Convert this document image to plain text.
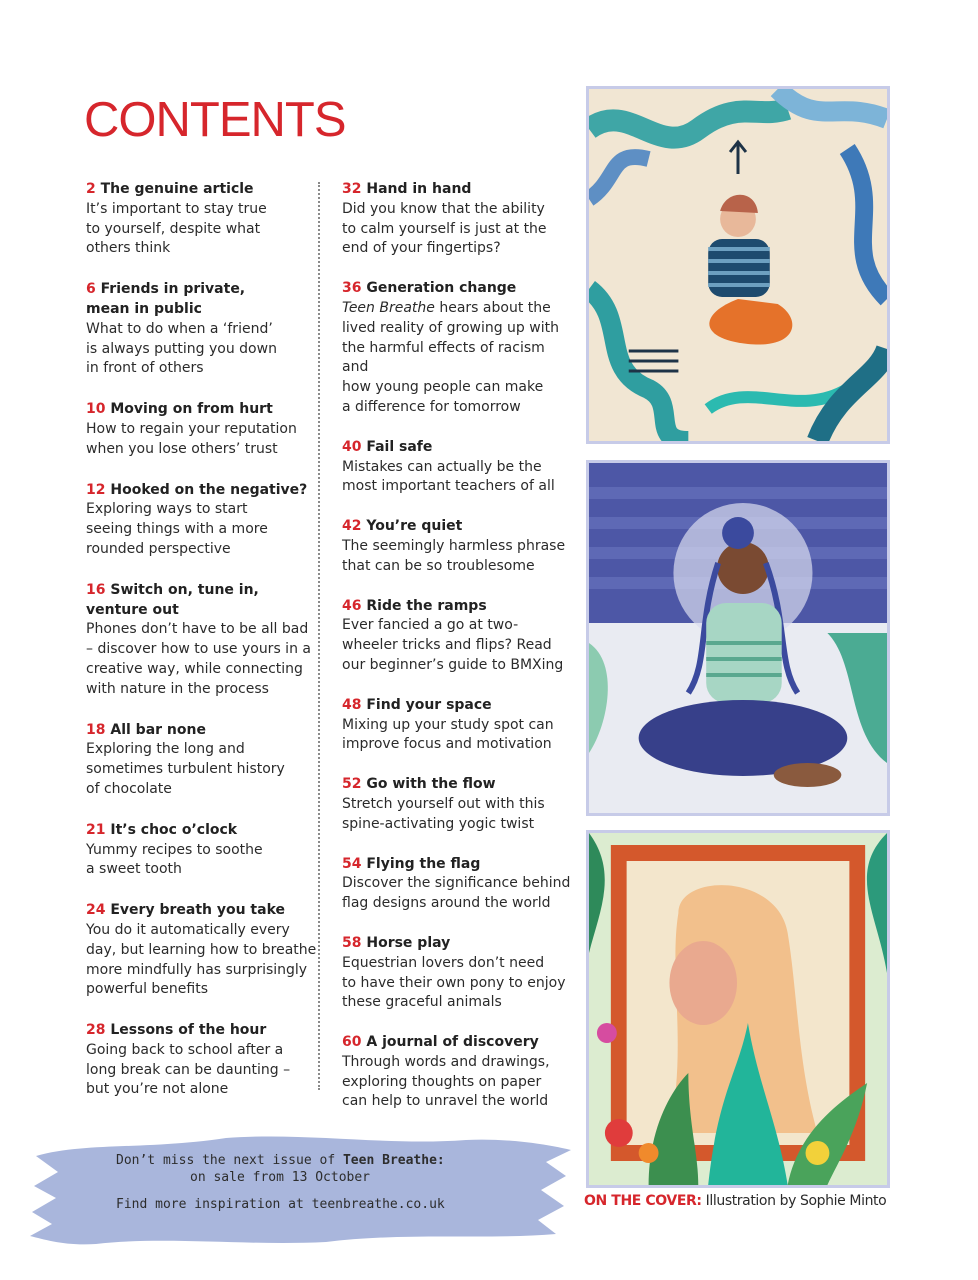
CONTENTS
2 The genuine article
It’s important to stay true
to yourself, despite what
others think
6 Friends in private,
mean in public
What to do when a ‘friend’
is always putting you down
in front of others
10 Moving on from hurt
How to regain your reputation
when you lose others’ trust
12 Hooked on the negative?
Exploring ways to start
seeing things with a more
rounded perspective
16 Switch on, tune in,
venture out
Phones don’t have to be all bad
– discover how to use yours in a
creative way, while connecting
with nature in the process
18 All bar none
Exploring the long and
sometimes turbulent history
of chocolate
21 It’s choc o’clock
Yummy recipes to soothe
a sweet tooth
24 Every breath you take
You do it automatically every
day, but learning how to breathe
more mindfully has surprisingly
powerful benefits
28 Lessons of the hour
Going back to school after a
long break can be daunting –
but you’re not alone
32 Hand in hand
Did you know that the ability
to calm yourself is just at the
end of your fingertips?
36 Generation change
Teen Breathe hears about the
lived reality of growing up with
the harmful effects of racism and
how young people can make
a difference for tomorrow
40 Fail safe
Mistakes can actually be the
most important teachers of all
42 You’re quiet
The seemingly harmless phrase
that can be so troublesome
46 Ride the ramps
Ever fancied a go at two-
wheeler tricks and flips? Read
our beginner’s guide to BMXing
48 Find your space
Mixing up your study spot can
improve focus and motivation
52 Go with the flow
Stretch yourself out with this
spine-activating yogic twist
54 Flying the flag
Discover the significance behind
flag designs around the world
58 Horse play
Equestrian lovers don’t need
to have their own pony to enjoy
these graceful animals
60 A journal of discovery
Through words and drawings,
exploring thoughts on paper
can help to unravel the world
ON THE COVER: Illustration by Sophie Minto
Don’t miss the next issue of Teen Breathe:
on sale from 13 October
Find more inspiration at teenbreathe.co.uk
